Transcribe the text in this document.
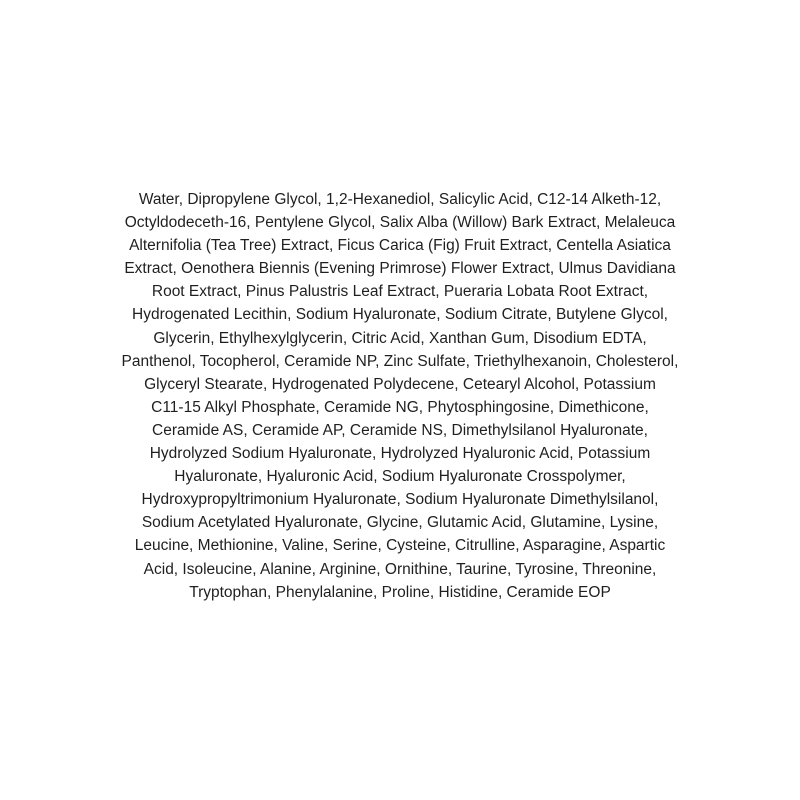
Water, Dipropylene Glycol, 1,2-Hexanediol, Salicylic Acid, C12-14 Alketh-12,
Octyldodeceth-16, Pentylene Glycol, Salix Alba (Willow) Bark Extract, Melaleuca
Alternifolia (Tea Tree) Extract, Ficus Carica (Fig) Fruit Extract, Centella Asiatica
Extract, Oenothera Biennis (Evening Primrose) Flower Extract, Ulmus Davidiana
Root Extract, Pinus Palustris Leaf Extract, Pueraria Lobata Root Extract,
Hydrogenated Lecithin, Sodium Hyaluronate, Sodium Citrate, Butylene Glycol,
Glycerin, Ethylhexylglycerin, Citric Acid, Xanthan Gum, Disodium EDTA,
Panthenol, Tocopherol, Ceramide NP, Zinc Sulfate, Triethylhexanoin, Cholesterol,
Glyceryl Stearate, Hydrogenated Polydecene, Cetearyl Alcohol, Potassium
C11-15 Alkyl Phosphate, Ceramide NG, Phytosphingosine, Dimethicone,
Ceramide AS, Ceramide AP, Ceramide NS, Dimethylsilanol Hyaluronate,
Hydrolyzed Sodium Hyaluronate, Hydrolyzed Hyaluronic Acid, Potassium
Hyaluronate, Hyaluronic Acid, Sodium Hyaluronate Crosspolymer,
Hydroxypropyltrimonium Hyaluronate, Sodium Hyaluronate Dimethylsilanol,
Sodium Acetylated Hyaluronate, Glycine, Glutamic Acid, Glutamine, Lysine,
Leucine, Methionine, Valine, Serine, Cysteine, Citrulline, Asparagine, Aspartic
Acid, Isoleucine, Alanine, Arginine, Ornithine, Taurine, Tyrosine, Threonine,
Tryptophan, Phenylalanine, Proline, Histidine, Ceramide EOP
